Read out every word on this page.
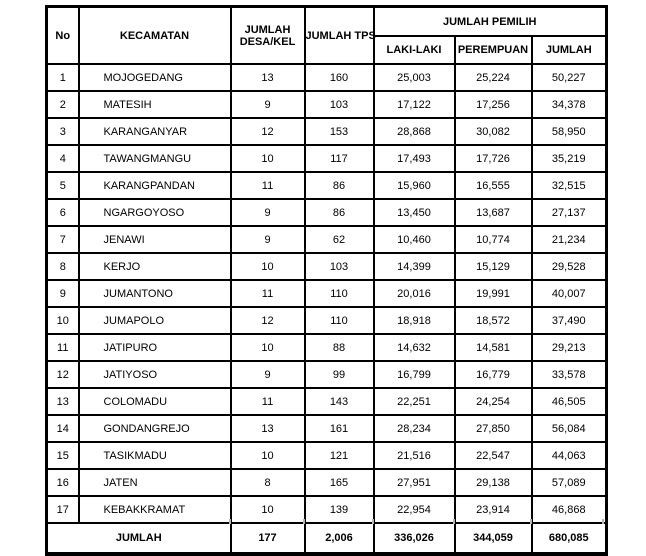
No	KECAMATAN	JUMLAH DESA/KEL	JUMLAH TPS	JUMLAH PEMILIH		
				LAKI-LAKI	PEREMPUAN	JUMLAH
1	MOJOGEDANG	13	160	25,003	25,224	50,227
2	MATESIH	9	103	17,122	17,256	34,378
3	KARANGANYAR	12	153	28,868	30,082	58,950
4	TAWANGMANGU	10	117	17,493	17,726	35,219
5	KARANGPANDAN	11	86	15,960	16,555	32,515
6	NGARGOYOSO	9	86	13,450	13,687	27,137
7	JENAWI	9	62	10,460	10,774	21,234
8	KERJO	10	103	14,399	15,129	29,528
9	JUMANTONO	11	110	20,016	19,991	40,007
10	JUMAPOLO	12	110	18,918	18,572	37,490
11	JATIPURO	10	88	14,632	14,581	29,213
12	JATIYOSO	9	99	16,799	16,779	33,578
13	COLOMADU	11	143	22,251	24,254	46,505
14	GONDANGREJO	13	161	28,234	27,850	56,084
15	TASIKMADU	10	121	21,516	22,547	44,063
16	JATEN	8	165	27,951	29,138	57,089
17	KEBAKKRAMAT	10	139	22,954	23,914	46,868
JUMLAH		177	2,006	336,026	344,059	680,085
